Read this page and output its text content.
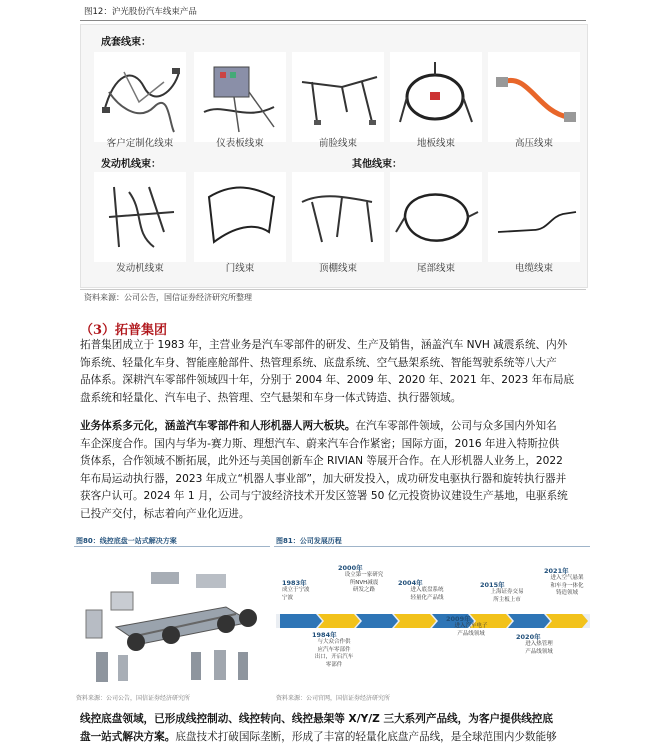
图12：沪光股份汽车线束产品
成套线束：
客户定制化线束	仪表板线束	前脸线束	地板线束	高压线束
发动机线束：	其他线束：
发动机线束	门线束	顶棚线束	尾部线束	电缆线束
资料来源：公司公告，国信证券经济研究所整理
（3）拓普集团
拓普集团成立于 1983 年，主营业务是汽车零部件的研发、生产及销售，涵盖汽车 NVH 减震系统、内外
饰系统、轻量化车身、智能座舱部件、热管理系统、底盘系统、空气悬架系统、智能驾驶系统等八大产
品体系。深耕汽车零部件领域四十年，分别于 2004 年、2009 年、2020 年、2021 年、2023 年布局底
盘系统和轻量化、汽车电子、热管理、空气悬架和车身一体式铸造、执行器领域。
业务体系多元化，涵盖汽车零部件和人形机器人两大板块。在汽车零部件领域，公司与众多国内外知名
车企深度合作。国内与华为-赛力斯、理想汽车、蔚来汽车合作紧密；国际方面，2016 年进入特斯拉供
货体系，合作领域不断拓展，此外还与美国创新车企 RIVIAN 等展开合作。在人形机器人业务上，2022
年布局运动执行器，2023 年成立“机器人事业部”，加大研发投入，成功研发电驱执行器和旋转执行器并
获客户认可。2024 年 1 月，公司与宁波经济技术开发区签署 50 亿元投资协议建设生产基地，电驱系统
已投产交付，标志着向产业化迈进。
图80：线控底盘一站式解决方案
资料来源：公司公告，国信证券经济研究所
图81：公司发展历程
1983年
成立于宁波
宁波
1984年
与大众合作供
应汽车零部件
出口，开启汽车
零部件
2000年
设立第一家研究
所NVH减震
研发之路
2004年
进入底盘系统
轻量化产品线
2009年
进入汽车电子
产品线领域
2015年
上海证券交易
所主板上市
2020年
进入热管理
产品线领域
2021年
进入空气悬架
和车身一体化
铸造领域
资料来源：公司官网，国信证券经济研究所
线控底盘领域，已形成线控制动、线控转向、线控悬架等 X/Y/Z 三大系列产品线，为客户提供线控底
盘一站式解决方案。底盘技术打破国际垄断，形成了丰富的轻量化底盘产品线，是全球范围内少数能够
